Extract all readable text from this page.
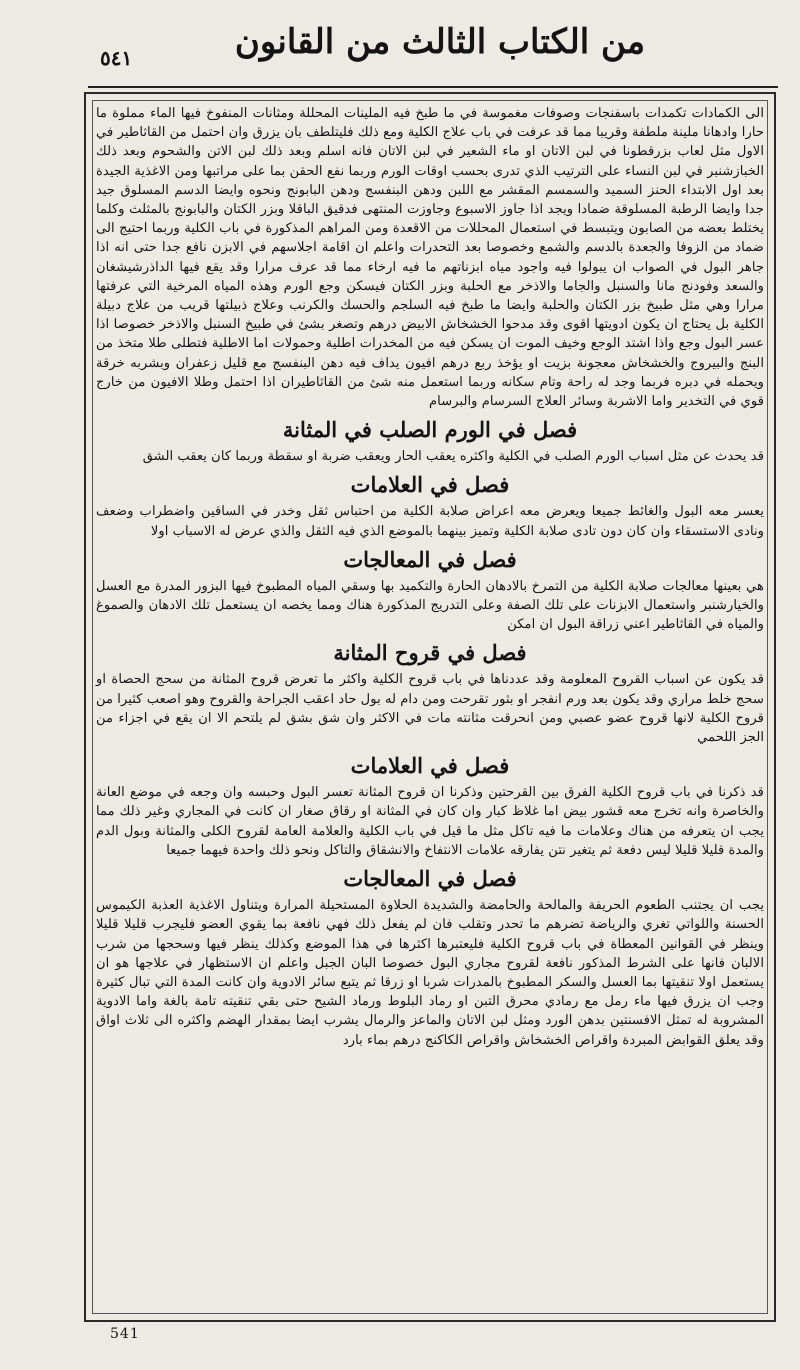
٥٤١	من الكتاب الثالث من القانون

الى الكمادات تكمدات باسفنجات وصوفات مغموسة في ما طبخ فيه الملينات المحللة ومثانات المنفوخ فيها الماء مملوة ما حارا وادهانا ملينة ملطفة وقريبا مما قد عرفت في باب علاج الكلية ومع ذلك فليتلطف بان يزرق وان احتمل من القاثاطير في الاول مثل لعاب بزرقطونا في لبن الاتان او ماء الشعير في لبن الاتان فانه اسلم وبعد ذلك لبن الاتن والشحوم وبعد ذلك الخبازشنبر في لبن النساء على الترتيب الذي تدرى بحسب اوقات الورم وربما نفع الحقن بما على مراتبها ومن الاغذية الجيدة بعد اول الابتداء الحنز السميد والسمسم المقشر مع اللبن ودهن البنفسج ودهن البابونج ونحوه وايضا الدسم المسلوق جيد جدا وايضا الرطبة المسلوقة ضمادا ويجد اذا جاوز الاسبوع وجاوزت المنتهى فدقيق الباقلا وبزر الكتان والبابونج بالمثلث وكلما يختلط بعضه من الصابون ويتبسط في استعمال المحللات من الاقعدة ومن المراهم المذكورة في باب الكلية وربما احتيج الى ضماد من الزوفا والجعدة بالدسم والشمع وخصوصا بعد التحدرات واعلم ان اقامة اجلاسهم في الابزن نافع جدا حتى انه اذا جاهر البول في الصواب ان يبولوا فيه واجود مياه ابزناتهم ما فيه ارخاء مما قد عرف مرارا وقد يقع فيها الداذرشيشغان والسعد وفودنج مانا والسنبل والجاما والاذخر مع الحلبة وبزر الكتان فيسكن وجع الورم وهذه المياه المرخية التي عرفتها مرارا وهي مثل طبيخ بزر الكتان والحلبة وايضا ما طبخ فيه السلجم والحسك والكرنب وعلاج ذبيلتها قريب من علاج دبيلة الكلية بل يحتاج ان يكون ادويتها اقوى وقد مدحوا الخشخاش الابيض درهم وتصغر بشئ في طبيخ السنبل والاذخر خصوصا اذا عسر البول وجع واذا اشتد الوجع وخيف الموت ان يسكن فيه من المخدرات اطلية وحمولات اما الاطلية فتطلى طلا متخذ من البنج والبيروج والخشخاش معجونة بزيت او يؤخذ ربع درهم افيون يداف فيه دهن البنفسج مع قليل زعفران وبشربه خرقة ويحمله في دبره فربما وجد له راحة وتام سكانه وربما استعمل منه شئ من القاثاطيران اذا احتمل وطلا الافيون من خارج قوي في التخدير واما الاشربة وسائر العلاج السرسام والبرسام

فصل في الورم الصلب في المثانة

قد يحدث عن مثل اسباب الورم الصلب في الكلية واكثره يعقب الحار ويعقب ضربة او سقطة وربما كان يعقب الشق

فصل في العلامات

يعسر معه البول والغائط جميعا ويعرض معه اعراض صلابة الكلية من احتباس ثقل وخدر في الساقين واضطراب وضعف ونادى الاستسقاء وان كان دون تادى صلابة الكلية وتميز بينهما بالموضع الذي فيه الثقل والذي عرض له الاسباب اولا

فصل في المعالجات

هي بعينها معالجات صلابة الكلية من التمرخ بالادهان الحارة والتكميد بها وسقي المياه المطبوخ فيها البزور المدرة مع العسل والخيارشنبر واستعمال الابزنات على تلك الصفة وعلى التدريج المذكورة هناك ومما يخصه ان يستعمل تلك الادهان والصموغ والمياه في القاثاطير اعني زراقة البول ان امكن

فصل في قروح المثانة

قد يكون عن اسباب القروح المعلومة وقد عددناها في باب قروح الكلية واكثر ما تعرض قروح المثانة من سحج الحصاة او سحج خلط مراري وقد يكون بعد ورم انفجر او بثور تقرحت ومن دام له بول حاد اعقب الجراحة والقروح وهو اصعب كثيرا من قروح الكلية لانها قروح عضو عصبي ومن انحرقت مثانته مات في الاكثر وان شق بشق لم يلتحم الا ان يقع في اجزاء من الجز اللحمي

فصل في العلامات

قد ذكرنا في باب قروح الكلية الفرق بين القرحتين وذكرنا ان قروح المثانة تعسر البول وحبسه وان وجعه في موضع العانة والخاصرة وانه تخرج معه قشور بيض اما غلاظ كبار وان كان في المثانة او رقاق صغار ان كانت في المجاري وغير ذلك مما يجب ان يتعرفه من هناك وعلامات ما فيه تاكل مثل ما قيل في باب الكلية والعلامة العامة لقروح الكلى والمثانة وبول الدم والمدة قليلا قليلا ليس دفعة ثم يتغير نتن يفارقه علامات الانتفاخ والانشقاق والتاكل ونحو ذلك واحدة فيهما جميعا

فصل في المعالجات

يجب ان يجتنب الطعوم الحريفة والمالحة والحامضة والشديدة الحلاوة المستحيلة المرارة ويتناول الاغذية العذبة الكيموس الحسنة واللواتي تغري والرياضة تضرهم ما تحدر وتقلب فان لم يفعل ذلك فهي نافعة بما يقوي العضو فليجرب قليلا قليلا وينظر في القوانين المعطاة في باب قروح الكلية فليعتبرها اكثرها في هذا الموضع وكذلك ينظر فيها وسحجها من شرب الالبان فانها على الشرط المذكور نافعة لقروح مجاري البول خصوصا البان الجبل واعلم ان الاستظهار في علاجها هو ان يستعمل اولا تنقيتها بما العسل والسكر المطبوخ بالمدرات شربا او زرقا ثم يتبع سائر الادوية وان كانت المدة التي تبال كثيرة وجب ان يزرق فيها ماء رمل مع رمادي محرق التبن او رماد البلوط ورماد الشيح حتى بقي تنقيته تامة بالغة واما الادوية المشروبة له تمثل الافسنتين بدهن الورد ومثل لبن الاتان والماعز والرمال يشرب ايضا بمقدار الهضم واكثره الى ثلاث اواق وقد يعلق القوابض المبردة واقراص الخشخاش واقراص الكاكنج درهم بماء بارد

541
